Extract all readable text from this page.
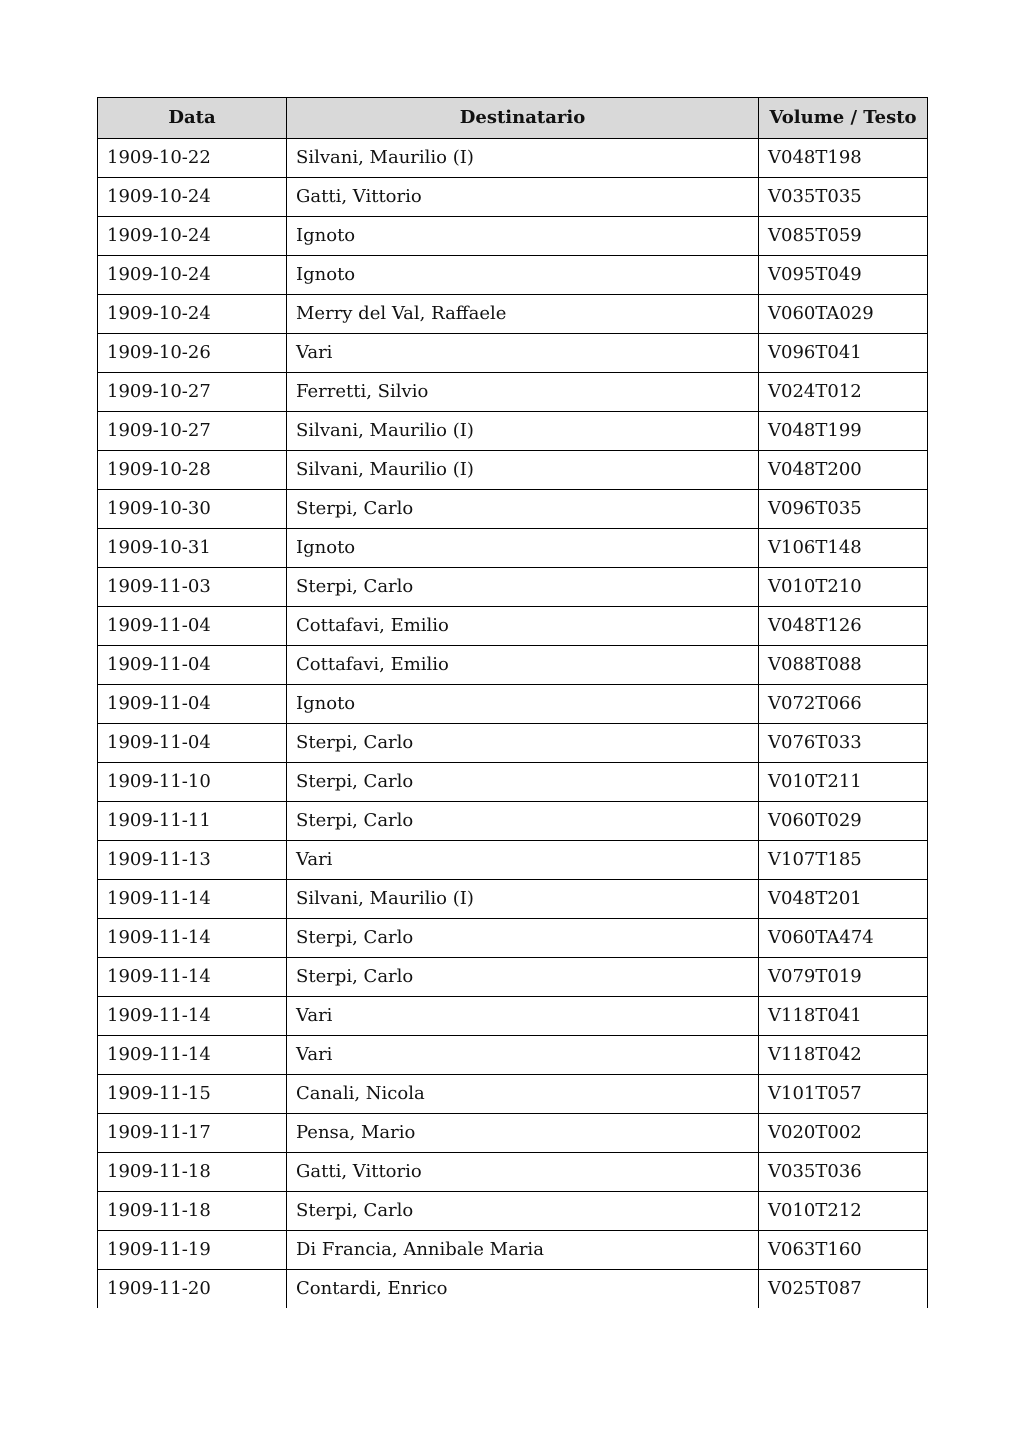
Data	Destinatario	Volume / Testo
1909-10-22	Silvani, Maurilio (I)	V048T198
1909-10-24	Gatti, Vittorio	V035T035
1909-10-24	Ignoto	V085T059
1909-10-24	Ignoto	V095T049
1909-10-24	Merry del Val, Raffaele	V060TA029
1909-10-26	Vari	V096T041
1909-10-27	Ferretti, Silvio	V024T012
1909-10-27	Silvani, Maurilio (I)	V048T199
1909-10-28	Silvani, Maurilio (I)	V048T200
1909-10-30	Sterpi, Carlo	V096T035
1909-10-31	Ignoto	V106T148
1909-11-03	Sterpi, Carlo	V010T210
1909-11-04	Cottafavi, Emilio	V048T126
1909-11-04	Cottafavi, Emilio	V088T088
1909-11-04	Ignoto	V072T066
1909-11-04	Sterpi, Carlo	V076T033
1909-11-10	Sterpi, Carlo	V010T211
1909-11-11	Sterpi, Carlo	V060T029
1909-11-13	Vari	V107T185
1909-11-14	Silvani, Maurilio (I)	V048T201
1909-11-14	Sterpi, Carlo	V060TA474
1909-11-14	Sterpi, Carlo	V079T019
1909-11-14	Vari	V118T041
1909-11-14	Vari	V118T042
1909-11-15	Canali, Nicola	V101T057
1909-11-17	Pensa, Mario	V020T002
1909-11-18	Gatti, Vittorio	V035T036
1909-11-18	Sterpi, Carlo	V010T212
1909-11-19	Di Francia, Annibale Maria	V063T160
1909-11-20	Contardi, Enrico	V025T087
